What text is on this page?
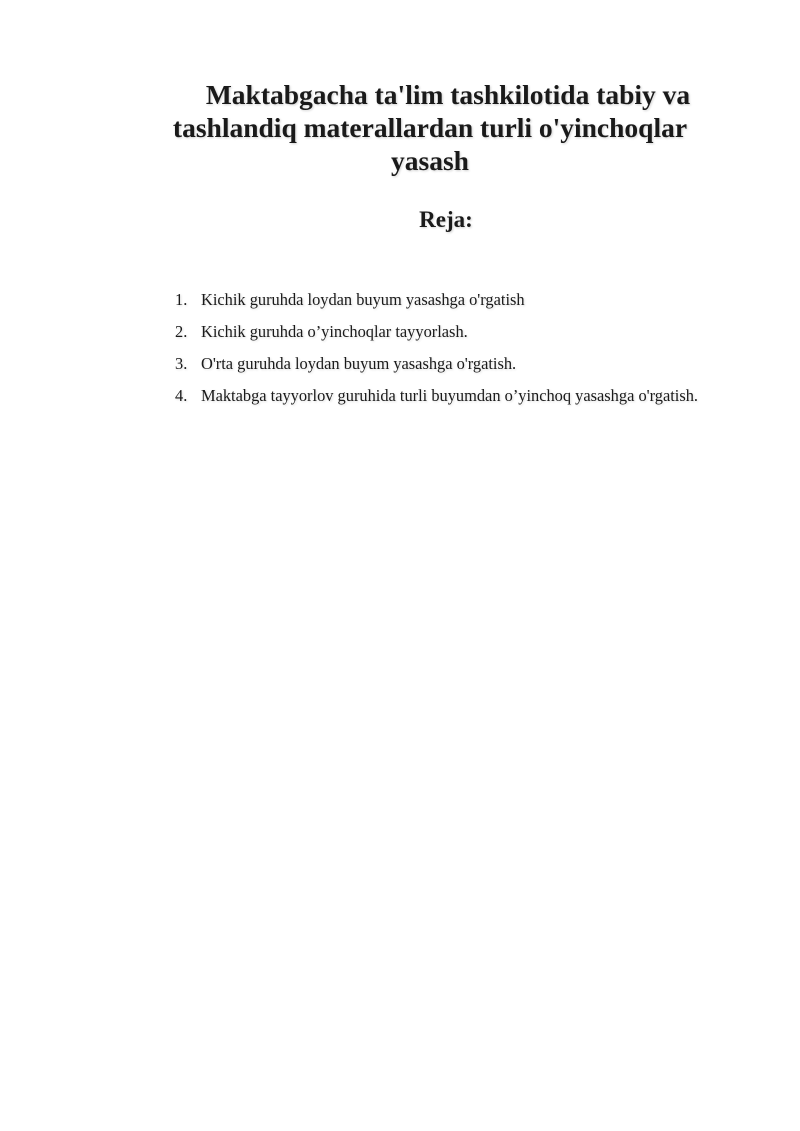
Maktabgacha ta'lim tashkilotida tabiy va
tashlandiq materallardan turli o'yinchoqlar
yasash
Reja:
1. Kichik guruhda loydan buyum yasashga o'rgatish
2. Kichik guruhda o’yinchoqlar tayyorlash.
3. O'rta guruhda loydan buyum yasashga o'rgatish.
4. Maktabga tayyorlov guruhida turli buyumdan o’yinchoq yasashga o'rgatish.
